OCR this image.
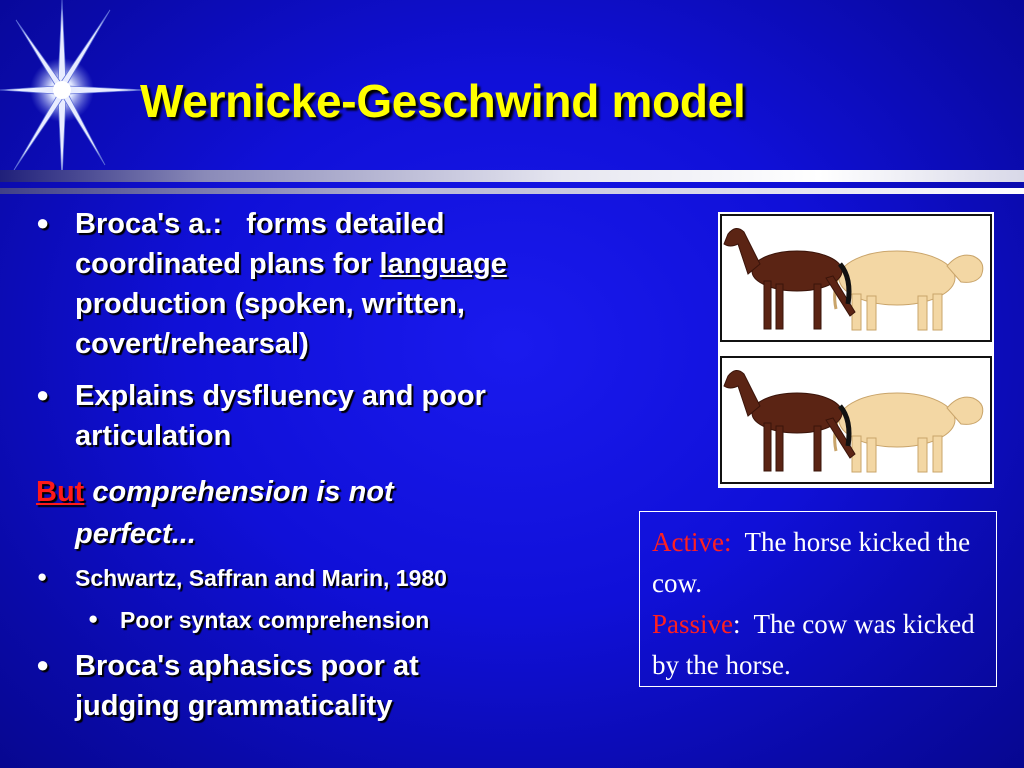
Wernicke-Geschwind model
● Broca's a.:   forms detailed
coordinated plans for language
production (spoken, written,
covert/rehearsal)
● Explains dysfluency and poor
articulation
But comprehension is not
perfect...
● Schwartz, Saffran and Marin, 1980
● Poor syntax comprehension
● Broca's aphasics poor at
judging grammaticality
Active:  The horse kicked the cow.
Passive:  The cow was kicked by the horse.
